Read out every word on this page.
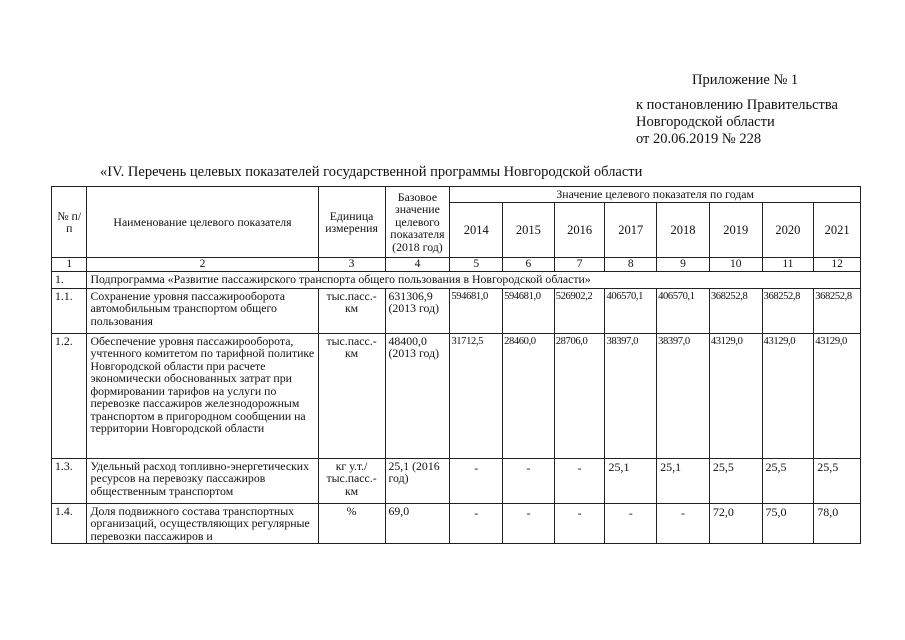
Приложение № 1
к постановлению Правительства
Новгородской области
от 20.06.2019 № 228
«IV. Перечень целевых показателей государственной программы Новгородской области
№ п/п	Наименование целевого показателя	Единица измерения	Базовое значение целевого показателя (2018 год)	Значение целевого показателя по годам							
				2014	2015	2016	2017	2018	2019	2020	2021
1	2	3	4	5	6	7	8	9	10	11	12
1.	Подпрограмма «Развитие пассажирского транспорта общего пользования в Новгородской области»										
1.1.	Сохранение уровня пассажирооборота автомобильным транспортом общего пользования	тыс.пасс.-км	631306,9 (2013 год)	594681,0	594681,0	526902,2	406570,1	406570,1	368252,8	368252,8	368252,8
1.2.	Обеспечение уровня пассажирооборота, учтенного комитетом по тарифной политике Новгородской области при расчете экономически обоснованных затрат при формировании тарифов на услуги по перевозке пассажиров железнодорожным транспортом в пригородном сообщении на территории Новгородской области	тыс.пасс.-км	48400,0 (2013 год)	31712,5	28460,0	28706,0	38397,0	38397,0	43129,0	43129,0	43129,0
1.3.	Удельный расход топливно-энергетических ресурсов на перевозку пассажиров общественным транспортом	кг у.т./ тыс.пасс.-км	25,1 (2016 год)	-	-	-	25,1	25,1	25,5	25,5	25,5
1.4.	Доля подвижного состава транспортных организаций, осуществляющих регулярные перевозки пассажиров и	%	69,0	-	-	-	-	-	72,0	75,0	78,0
